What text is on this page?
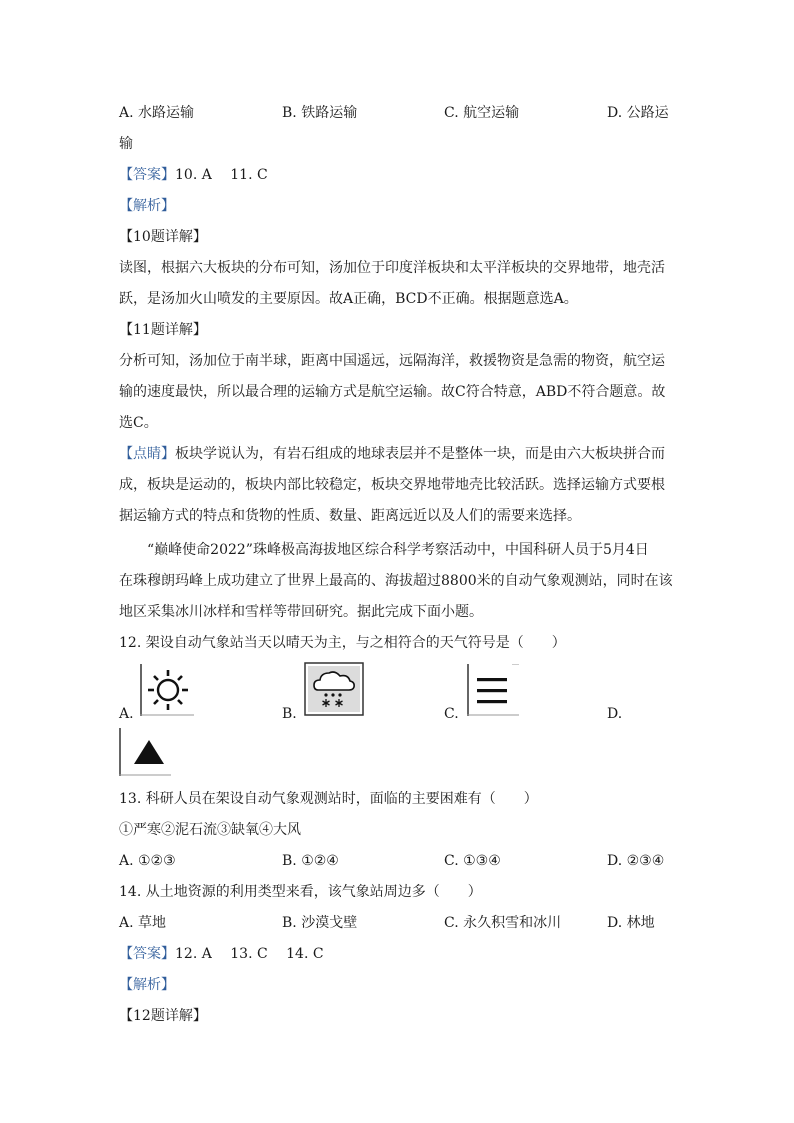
A. 水路运输	B. 铁路运输	C. 航空运输	D. 公路运
输
【答案】10. A　 11. C
【解析】
【10题详解】
读图，根据六大板块的分布可知，汤加位于印度洋板块和太平洋板块的交界地带，地壳活
跃，是汤加火山喷发的主要原因。故A正确，BCD不正确。根据题意选A。
【11题详解】
分析可知，汤加位于南半球，距离中国遥远，远隔海洋，救援物资是急需的物资，航空运
输的速度最快，所以最合理的运输方式是航空运输。故C符合特意，ABD不符合题意。故
选C。
【点睛】板块学说认为，有岩石组成的地球表层并不是整体一块，而是由六大板块拼合而
成，板块是运动的，板块内部比较稳定，板块交界地带地壳比较活跃。选择运输方式要根
据运输方式的特点和货物的性质、数量、距离远近以及人们的需要来选择。
“巅峰使命2022”珠峰极高海拔地区综合科学考察活动中，中国科研人员于5月4日
在珠穆朗玛峰上成功建立了世界上最高的、海拔超过8800米的自动气象观测站，同时在该
地区采集冰川冰样和雪样等带回研究。据此完成下面小题。
12. 架设自动气象站当天以晴天为主，与之相符合的天气符号是（　　）
A.	B.	C.	D.
13. 科研人员在架设自动气象观测站时，面临的主要困难有（　　）
①严寒②泥石流③缺氧④大风
A. ①②③	B. ①②④	C. ①③④	D. ②③④
14. 从土地资源的利用类型来看，该气象站周边多（　　）
A. 草地	B. 沙漠戈壁	C. 永久积雪和冰川	D. 林地
【答案】12. A　 13. C　 14. C
【解析】
【12题详解】
